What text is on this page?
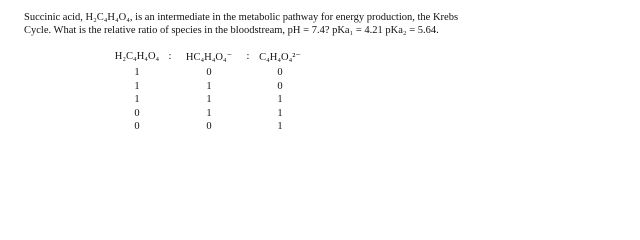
Succinic acid, H₂C₄H₄O₄, is an intermediate in the metabolic pathway for energy production, the Krebs

Cycle. What is the relative ratio of species in the bloodstream, pH = 7.4? pKa₁ = 4.21 pKa₂ = 5.64.

H₂C₄H₄O₄	:	HC₄H₄O₄⁻	:	C₄H₄O₄²⁻
1		0		0
1		1		0
1		1		1
0		1		1
0		0		1
